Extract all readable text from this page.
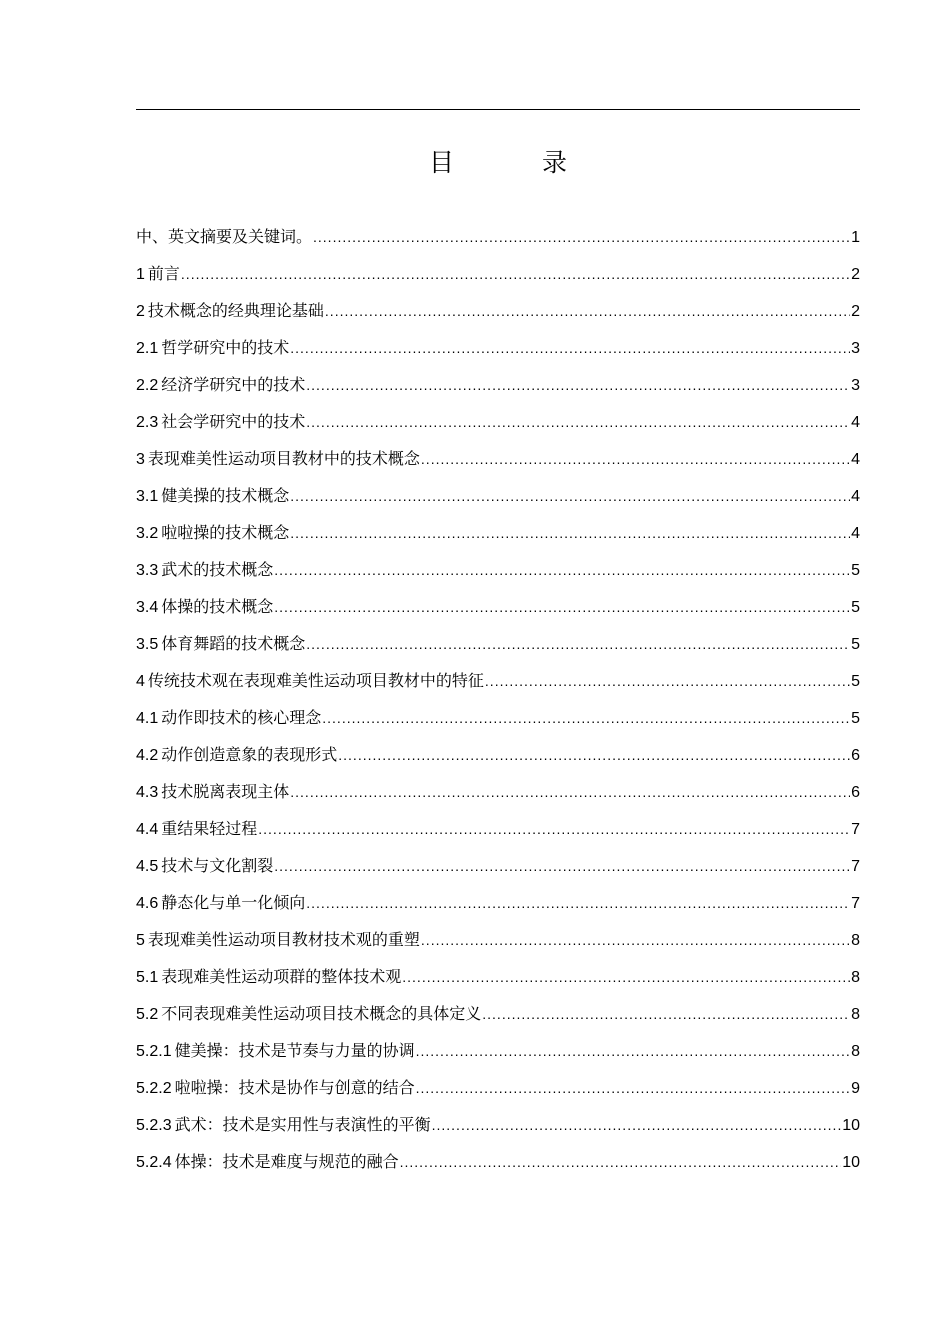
目 录
中、英文摘要及关键词。 .....	1
1 前言 .....	2
2 技术概念的经典理论基础 .....	2
2.1 哲学研究中的技术 .....	3
2.2 经济学研究中的技术 .....	3
2.3 社会学研究中的技术 .....	4
3 表现难美性运动项目教材中的技术概念 .....	4
3.1 健美操的技术概念 .....	4
3.2 啦啦操的技术概念 .....	4
3.3 武术的技术概念 .....	5
3.4 体操的技术概念 .....	5
3.5 体育舞蹈的技术概念 .....	5
4 传统技术观在表现难美性运动项目教材中的特征 .....	5
4.1 动作即技术的核心理念 .....	5
4.2 动作创造意象的表现形式 .....	6
4.3 技术脱离表现主体 .....	6
4.4 重结果轻过程 .....	7
4.5 技术与文化割裂 .....	7
4.6 静态化与单一化倾向 .....	7
5 表现难美性运动项目教材技术观的重塑 .....	8
5.1 表现难美性运动项群的整体技术观 .....	8
5.2 不同表现难美性运动项目技术概念的具体定义 .....	8
5.2.1 健美操：技术是节奏与力量的协调 .....	8
5.2.2 啦啦操：技术是协作与创意的结合 .....	9
5.2.3 武术：技术是实用性与表演性的平衡 .....	10
5.2.4 体操：技术是难度与规范的融合 .....	10
